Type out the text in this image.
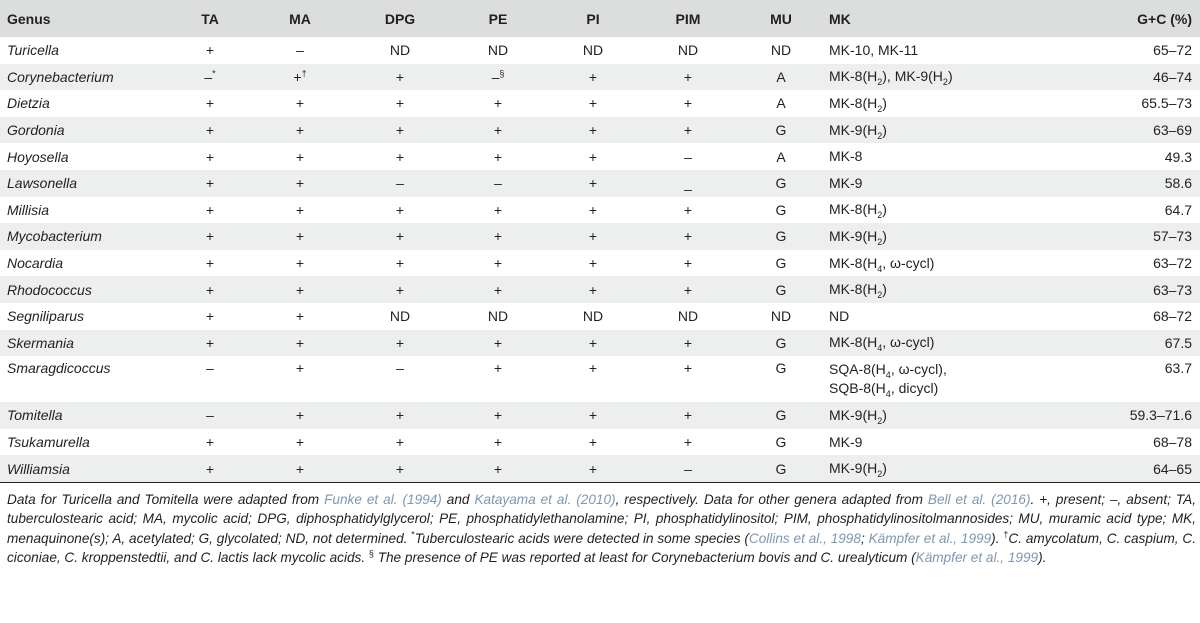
Genus	TA	MA	DPG	PE	PI	PIM	MU	MK	G+C (%)
Turicella	+	–	ND	ND	ND	ND	ND	MK-10, MK-11	65–72
Corynebacterium	–*	+†	+	–§	+	+	A	$MK-8(H_2)$, $MK-9(H_2)$	46–74
Dietzia	+	+	+	+	+	+	A	$MK-8(H_2)$	65.5–73
Gordonia	+	+	+	+	+	+	G	$MK-9(H_2)$	63–69
Hoyosella	+	+	+	+	+	–	A	MK-8	49.3
Lawsonella	+	+	–	–	+	_	G	MK-9	58.6
Millisia	+	+	+	+	+	+	G	$MK-8(H_2)$	64.7
Mycobacterium	+	+	+	+	+	+	G	$MK-9(H_2)$	57–73
Nocardia	+	+	+	+	+	+	G	$MK-8(H_4$, ω-cycl)	63–72
Rhodococcus	+	+	+	+	+	+	G	$MK-8(H_2)$	63–73
Segniliparus	+	+	ND	ND	ND	ND	ND	ND	68–72
Skermania	+	+	+	+	+	+	G	$MK-8(H_4$, ω-cycl)	67.5
Smaragdicoccus	–	+	–	+	+	+	G	SQA-$8(H_4$, ω-cycl),
SQB-$8(H_4$, dicycl)	63.7
Tomitella	–	+	+	+	+	+	G	$MK-9(H_2)$	59.3–71.6
Tsukamurella	+	+	+	+	+	+	G	MK-9	68–78
Williamsia	+	+	+	+	+	–	G	$MK-9(H_2)$	64–65
Data for Turicella and Tomitella were adapted from Funke et al. (1994) and Katayama et al. (2010), respectively. Data for other genera adapted from Bell et al. (2016). +, present; –, absent; TA, tuberculostearic acid; MA, mycolic acid; DPG, diphosphatidylglycerol; PE, phosphatidylethanolamine; PI, phosphatidylinositol; PIM, phosphatidylinositolmannosides; MU, muramic acid type; MK, menaquinone(s); A, acetylated; G, glycolated; ND, not determined. *Tuberculostearic acids were detected in some species (Collins et al., 1998; Kämpfer et al., 1999). †C. amycolatum, C. caspium, C. ciconiae, C. kroppenstedtii, and C. lactis lack mycolic acids. § The presence of PE was reported at least for Corynebacterium bovis and C. urealyticum (Kämpfer et al., 1999).
